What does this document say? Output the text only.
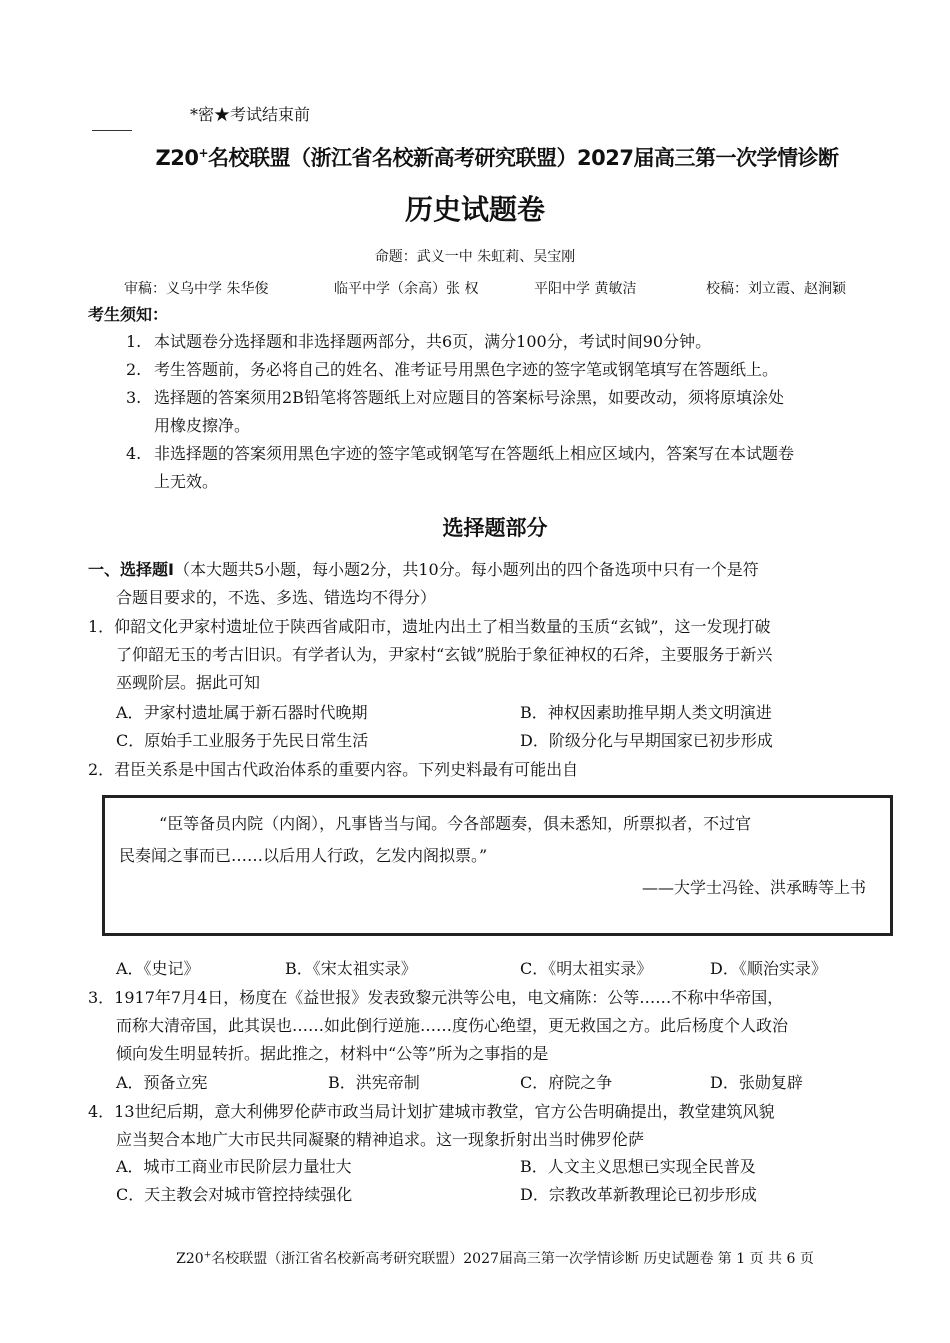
*密★考试结束前
Z20+名校联盟（浙江省名校新高考研究联盟）2027届高三第一次学情诊断
历史试题卷
命题：武义一中 朱虹莉、吴宝刚
审稿：义乌中学 朱华俊	临平中学（余高）张 权	平阳中学 黄敏洁	校稿：刘立霞、赵涧颖
考生须知：
1. 本试题卷分选择题和非选择题两部分，共6页，满分100分，考试时间90分钟。
2. 考生答题前，务必将自己的姓名、准考证号用黑色字迹的签字笔或钢笔填写在答题纸上。
3. 选择题的答案须用2B铅笔将答题纸上对应题目的答案标号涂黑，如要改动，须将原填涂处
用橡皮擦净。
4. 非选择题的答案须用黑色字迹的签字笔或钢笔写在答题纸上相应区域内，答案写在本试题卷
上无效。
选择题部分
一、选择题Ⅰ（本大题共5小题，每小题2分，共10分。每小题列出的四个备选项中只有一个是符
合题目要求的，不选、多选、错选均不得分）
1．仰韶文化尹家村遗址位于陕西省咸阳市，遗址内出土了相当数量的玉质“玄钺”，这一发现打破
了仰韶无玉的考古旧识。有学者认为，尹家村“玄钺”脱胎于象征神权的石斧，主要服务于新兴
巫觋阶层。据此可知
A．尹家村遗址属于新石器时代晚期	B．神权因素助推早期人类文明演进
C．原始手工业服务于先民日常生活	D．阶级分化与早期国家已初步形成
2．君臣关系是中国古代政治体系的重要内容。下列史料最有可能出自
“臣等备员内院（内阁），凡事皆当与闻。今各部题奏，俱未悉知，所票拟者，不过官
民奏闻之事而已……以后用人行政，乞发内阁拟票。”
——大学士冯铨、洪承畴等上书
A．《史记》	B．《宋太祖实录》	C．《明太祖实录》	D．《顺治实录》
3．1917年7月4日，杨度在《益世报》发表致黎元洪等公电，电文痛陈：公等……不称中华帝国，
而称大清帝国，此其误也……如此倒行逆施……度伤心绝望，更无救国之方。此后杨度个人政治
倾向发生明显转折。据此推之，材料中“公等”所为之事指的是
A．预备立宪	B．洪宪帝制	C．府院之争	D．张勋复辟
4．13世纪后期，意大利佛罗伦萨市政当局计划扩建城市教堂，官方公告明确提出，教堂建筑风貌
应当契合本地广大市民共同凝聚的精神追求。这一现象折射出当时佛罗伦萨
A．城市工商业市民阶层力量壮大	B．人文主义思想已实现全民普及
C．天主教会对城市管控持续强化	D．宗教改革新教理论已初步形成
Z20+名校联盟（浙江省名校新高考研究联盟）2027届高三第一次学情诊断 历史试题卷 第 1 页 共 6 页
